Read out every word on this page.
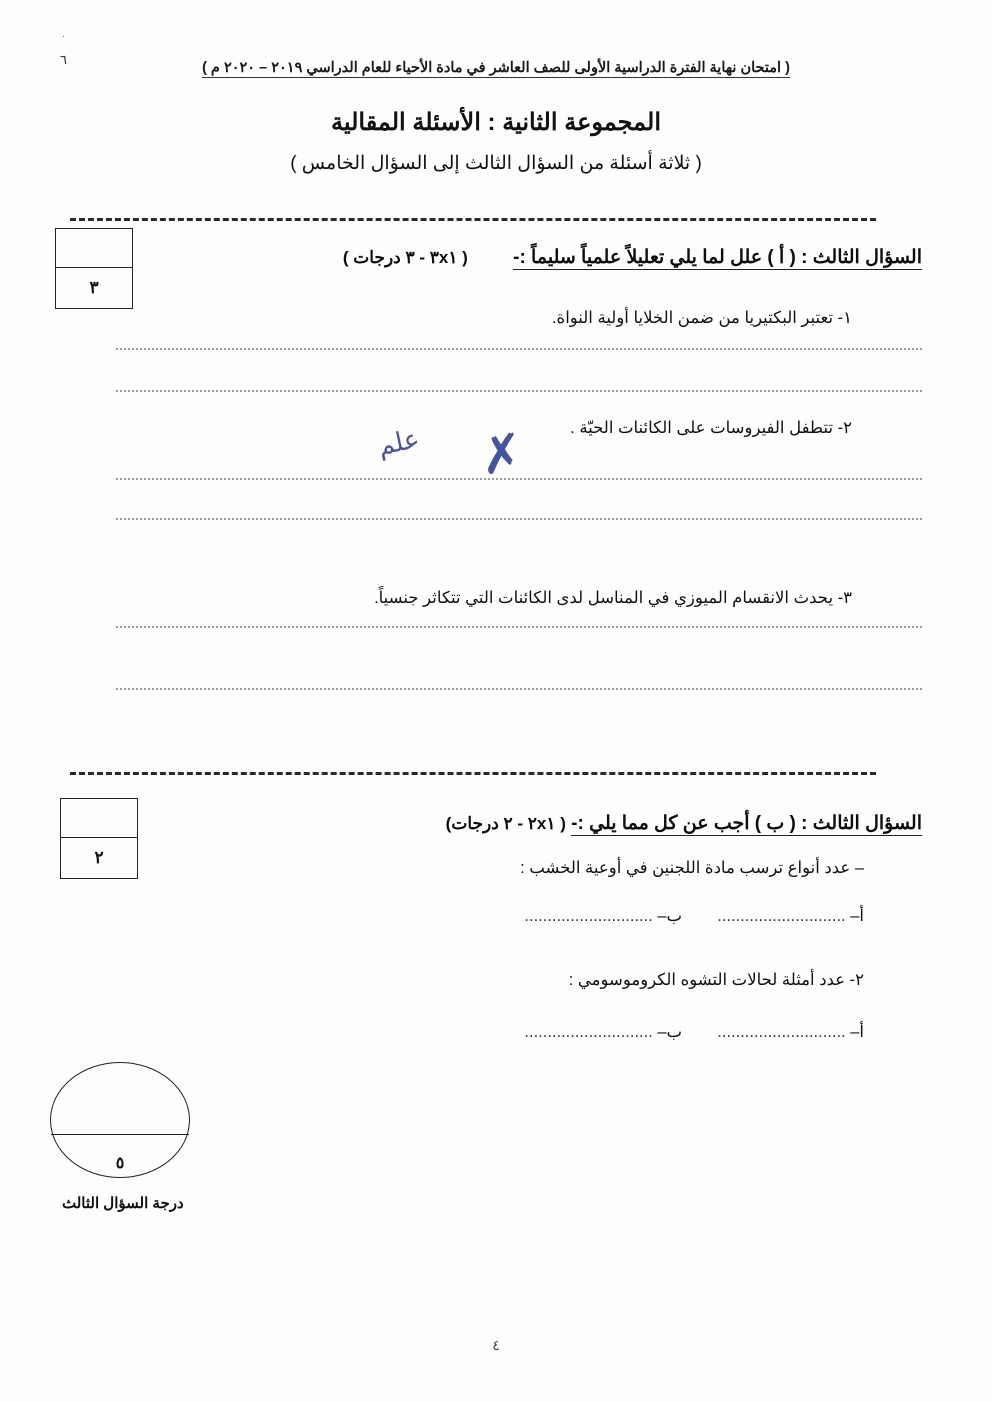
٦
.
( امتحان نهاية الفترة الدراسية الأولى للصف العاشر في مادة الأحياء للعام الدراسي ٢٠١٩ – ٢٠٢٠ م )
المجموعة الثانية : الأسئلة المقالية
( ثلاثة أسئلة من السؤال الثالث إلى السؤال الخامس )
٣
السؤال الثالث : ( أ ) علل لما يلي تعليلاً علمياً سليماً :- ( ٣x١ - ٣ درجات )
١- تعتبر البكتيريا من ضمن الخلايا أولية النواة.
٢- تتطفل الفيروسات على الكائنات الحيّة .
✗
علم
٣- يحدث الانقسام الميوزي في المناسل لدى الكائنات التي تتكاثر جنسياً.
٢
السؤال الثالث : ( ب ) أجب عن كل مما يلي :- ( ٢x١ - ٢ درجات)
– عدد أنواع ترسب مادة اللجنين في أوعية الخشب :
أ– ............................  ب– ............................
٢- عدد أمثلة لحالات التشوه الكروموسومي :
أ– ............................  ب– ............................
٥
درجة السؤال الثالث
٤
